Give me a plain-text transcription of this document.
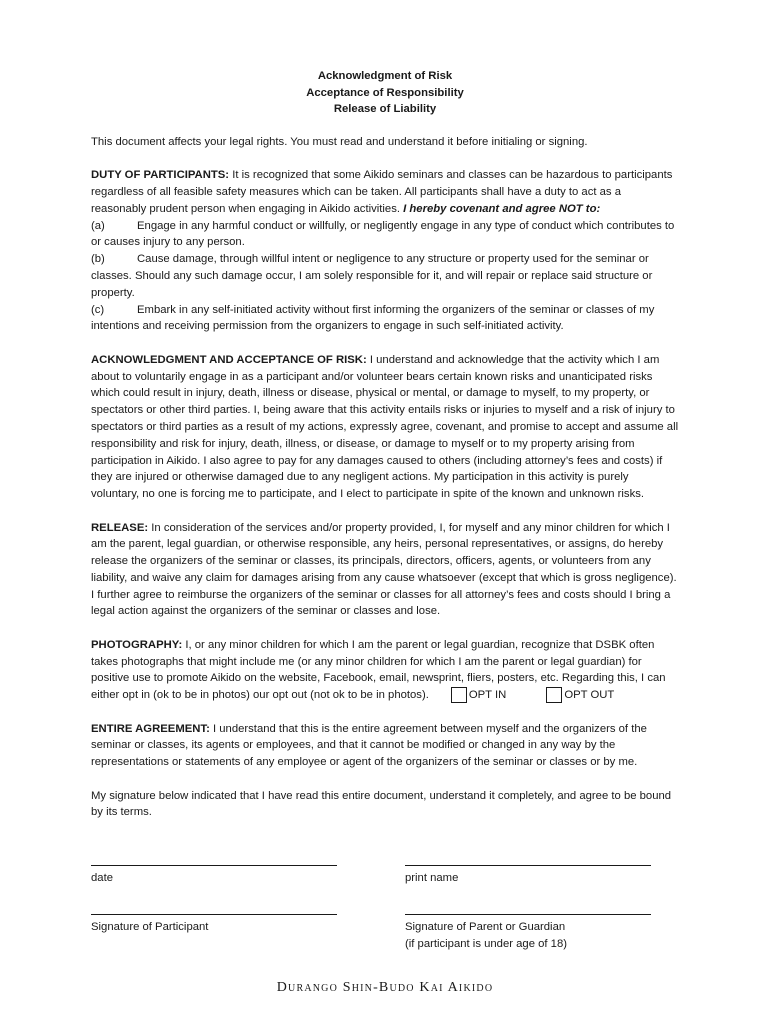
Acknowledgment of Risk
Acceptance of Responsibility
Release of Liability

This document affects your legal rights. You must read and understand it before initialing or signing.

DUTY OF PARTICIPANTS: It is recognized that some Aikido seminars and classes can be hazardous to participants regardless of all feasible safety measures which can be taken. All participants shall have a duty to act as a reasonably prudent person when engaging in Aikido activities. I hereby covenant and agree NOT to:
(a)	Engage in any harmful conduct or willfully, or negligently engage in any type of conduct which contributes to or causes injury to any person.
(b)	Cause damage, through willful intent or negligence to any structure or property used for the seminar or classes. Should any such damage occur, I am solely responsible for it, and will repair or replace said structure or property.
(c)	Embark in any self-initiated activity without first informing the organizers of the seminar or classes of my intentions and receiving permission from the organizers to engage in such self-initiated activity.

ACKNOWLEDGMENT AND ACCEPTANCE OF RISK: I understand and acknowledge that the activity which I am about to voluntarily engage in as a participant and/or volunteer bears certain known risks and unanticipated risks which could result in injury, death, illness or disease, physical or mental, or damage to myself, to my property, or spectators or other third parties. I, being aware that this activity entails risks or injuries to myself and a risk of injury to spectators or third parties as a result of my actions, expressly agree, covenant, and promise to accept and assume all responsibility and risk for injury, death, illness, or disease, or damage to myself or to my property arising from participation in Aikido. I also agree to pay for any damages caused to others (including attorney’s fees and costs) if they are injured or otherwise damaged due to any negligent actions. My participation in this activity is purely voluntary, no one is forcing me to participate, and I elect to participate in spite of the known and unknown risks.

RELEASE: In consideration of the services and/or property provided, I, for myself and any minor children for which I am the parent, legal guardian, or otherwise responsible, any heirs, personal representatives, or assigns, do hereby release the organizers of the seminar or classes, its principals, directors, officers, agents, or volunteers from any liability, and waive any claim for damages arising from any cause whatsoever (except that which is gross negligence). I further agree to reimburse the organizers of the seminar or classes for all attorney’s fees and costs should I bring a legal action against the organizers of the seminar or classes and lose.

PHOTOGRAPHY: I, or any minor children for which I am the parent or legal guardian, recognize that DSBK often takes photographs that might include me (or any minor children for which I am the parent or legal guardian) for positive use to promote Aikido on the website, Facebook, email, newsprint, fliers, posters, etc. Regarding this, I can either opt in (ok to be in photos) our opt out (not ok to be in photos).	OPT IN	OPT OUT

ENTIRE AGREEMENT: I understand that this is the entire agreement between myself and the organizers of the seminar or classes, its agents or employees, and that it cannot be modified or changed in any way by the representations or statements of any employee or agent of the organizers of the seminar or classes or by me.

My signature below indicated that I have read this entire document, understand it completely, and agree to be bound by its terms.

date	print name
Signature of Participant	Signature of Parent or Guardian
(if participant is under age of 18)
Durango Shin-Budo Kai Aikido
